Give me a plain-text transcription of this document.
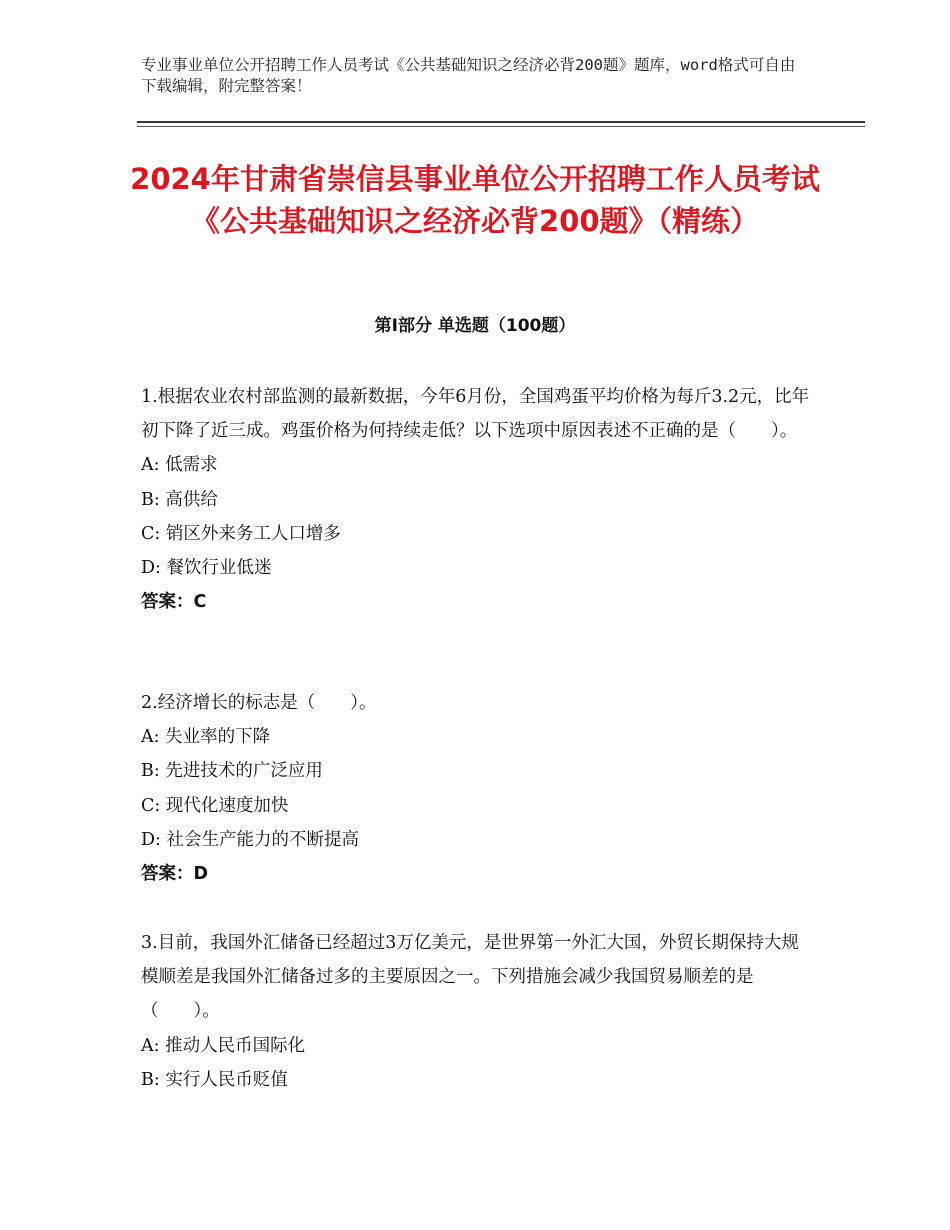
专业事业单位公开招聘工作人员考试《公共基础知识之经济必背200题》题库，word格式可自由下载编辑，附完整答案！
2024年甘肃省崇信县事业单位公开招聘工作人员考试《公共基础知识之经济必背200题》（精练）
第Ⅰ部分 单选题（100题）

1.根据农业农村部监测的最新数据，今年6月份，全国鸡蛋平均价格为每斤3.2元，比年初下降了近三成。鸡蛋价格为何持续走低？以下选项中原因表述不正确的是（　　）。

A: 低需求

B: 高供给

C: 销区外来务工人口增多

D: 餐饮行业低迷

答案：C

2.经济增长的标志是（　　）。

A: 失业率的下降

B: 先进技术的广泛应用

C: 现代化速度加快

D: 社会生产能力的不断提高

答案：D

3.目前，我国外汇储备已经超过3万亿美元，是世界第一外汇大国，外贸长期保持大规模顺差是我国外汇储备过多的主要原因之一。下列措施会减少我国贸易顺差的是（　　）。

A: 推动人民币国际化

B: 实行人民币贬值
